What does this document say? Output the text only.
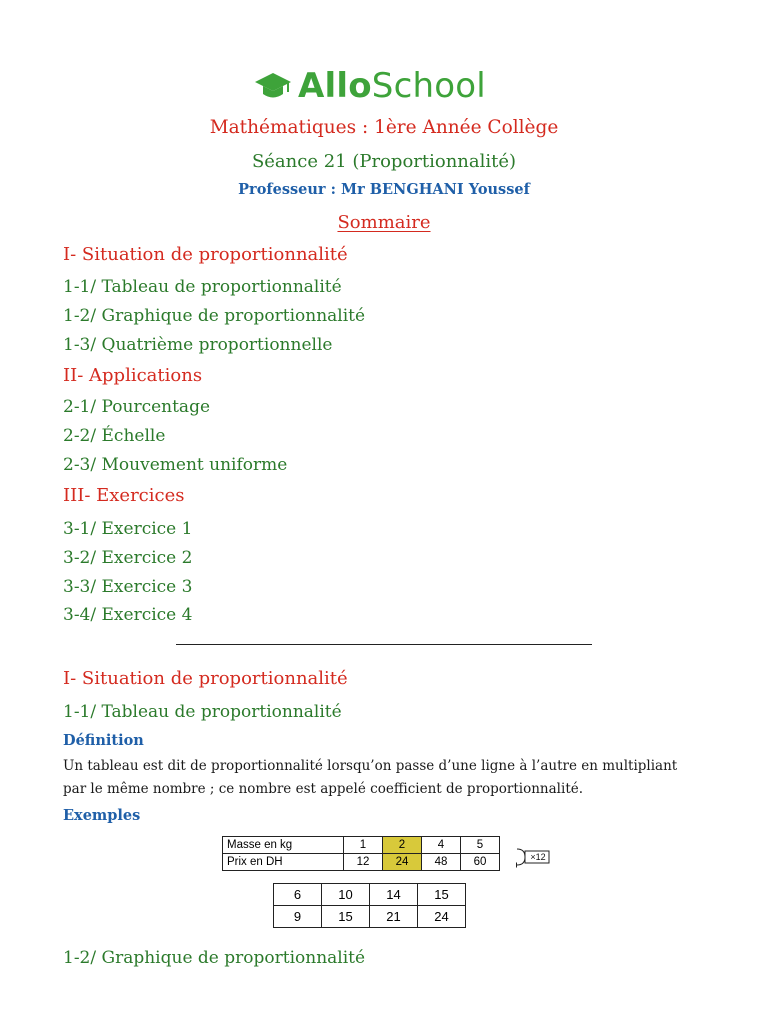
AlloSchool
Mathématiques : 1ère Année Collège
Séance 21 (Proportionnalité)
Professeur : Mr BENGHANI Youssef
Sommaire
I- Situation de proportionnalité
1-1/ Tableau de proportionnalité
1-2/ Graphique de proportionnalité
1-3/ Quatrième proportionnelle
II- Applications
2-1/ Pourcentage
2-2/ Échelle
2-3/ Mouvement uniforme
III- Exercices
3-1/ Exercice 1
3-2/ Exercice 2
3-3/ Exercice 3
3-4/ Exercice 4
I- Situation de proportionnalité
1-1/ Tableau de proportionnalité
Définition
Un tableau est dit de proportionnalité lorsqu’on passe d’une ligne à l’autre en multipliant
par le même nombre ; ce nombre est appelé coefficient de proportionnalité.
Exemples
Masse en kg	1	2	4	5
Prix en DH	12	24	48	60	×12
6	10	14	15
9	15	21	24
1-2/ Graphique de proportionnalité
